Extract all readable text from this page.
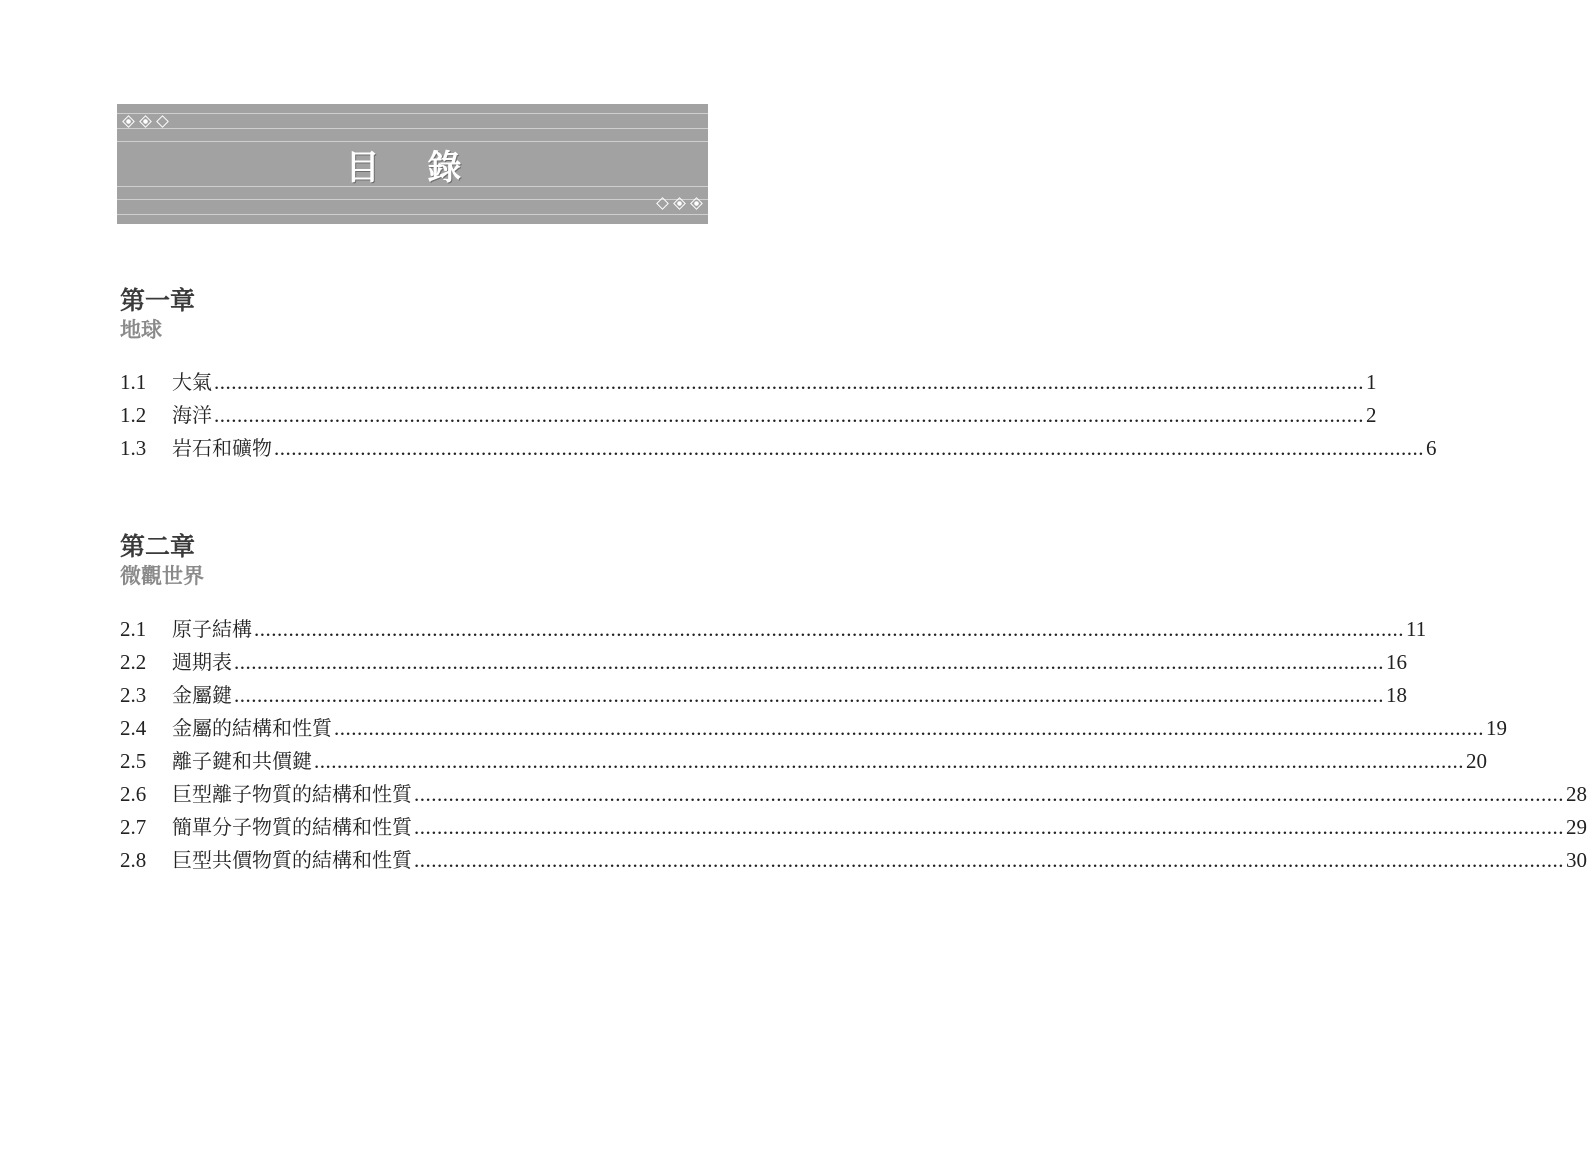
目 錄
第一章
地球
1.1	大氣 ........................................................................................................................................................................................................ 1
1.2	海洋 ........................................................................................................................................................................................................ 2
1.3	岩石和礦物 ........................................................................................................................................................................................................ 6
第二章
微觀世界
2.1	原子結構 ........................................................................................................................................................................................................ 11
2.2	週期表 ........................................................................................................................................................................................................ 16
2.3	金屬鍵 ........................................................................................................................................................................................................ 18
2.4	金屬的結構和性質 ........................................................................................................................................................................................................ 19
2.5	離子鍵和共價鍵 ........................................................................................................................................................................................................ 20
2.6	巨型離子物質的結構和性質 ........................................................................................................................................................................................................ 28
2.7	簡單分子物質的結構和性質 ........................................................................................................................................................................................................ 29
2.8	巨型共價物質的結構和性質 ........................................................................................................................................................................................................ 30
